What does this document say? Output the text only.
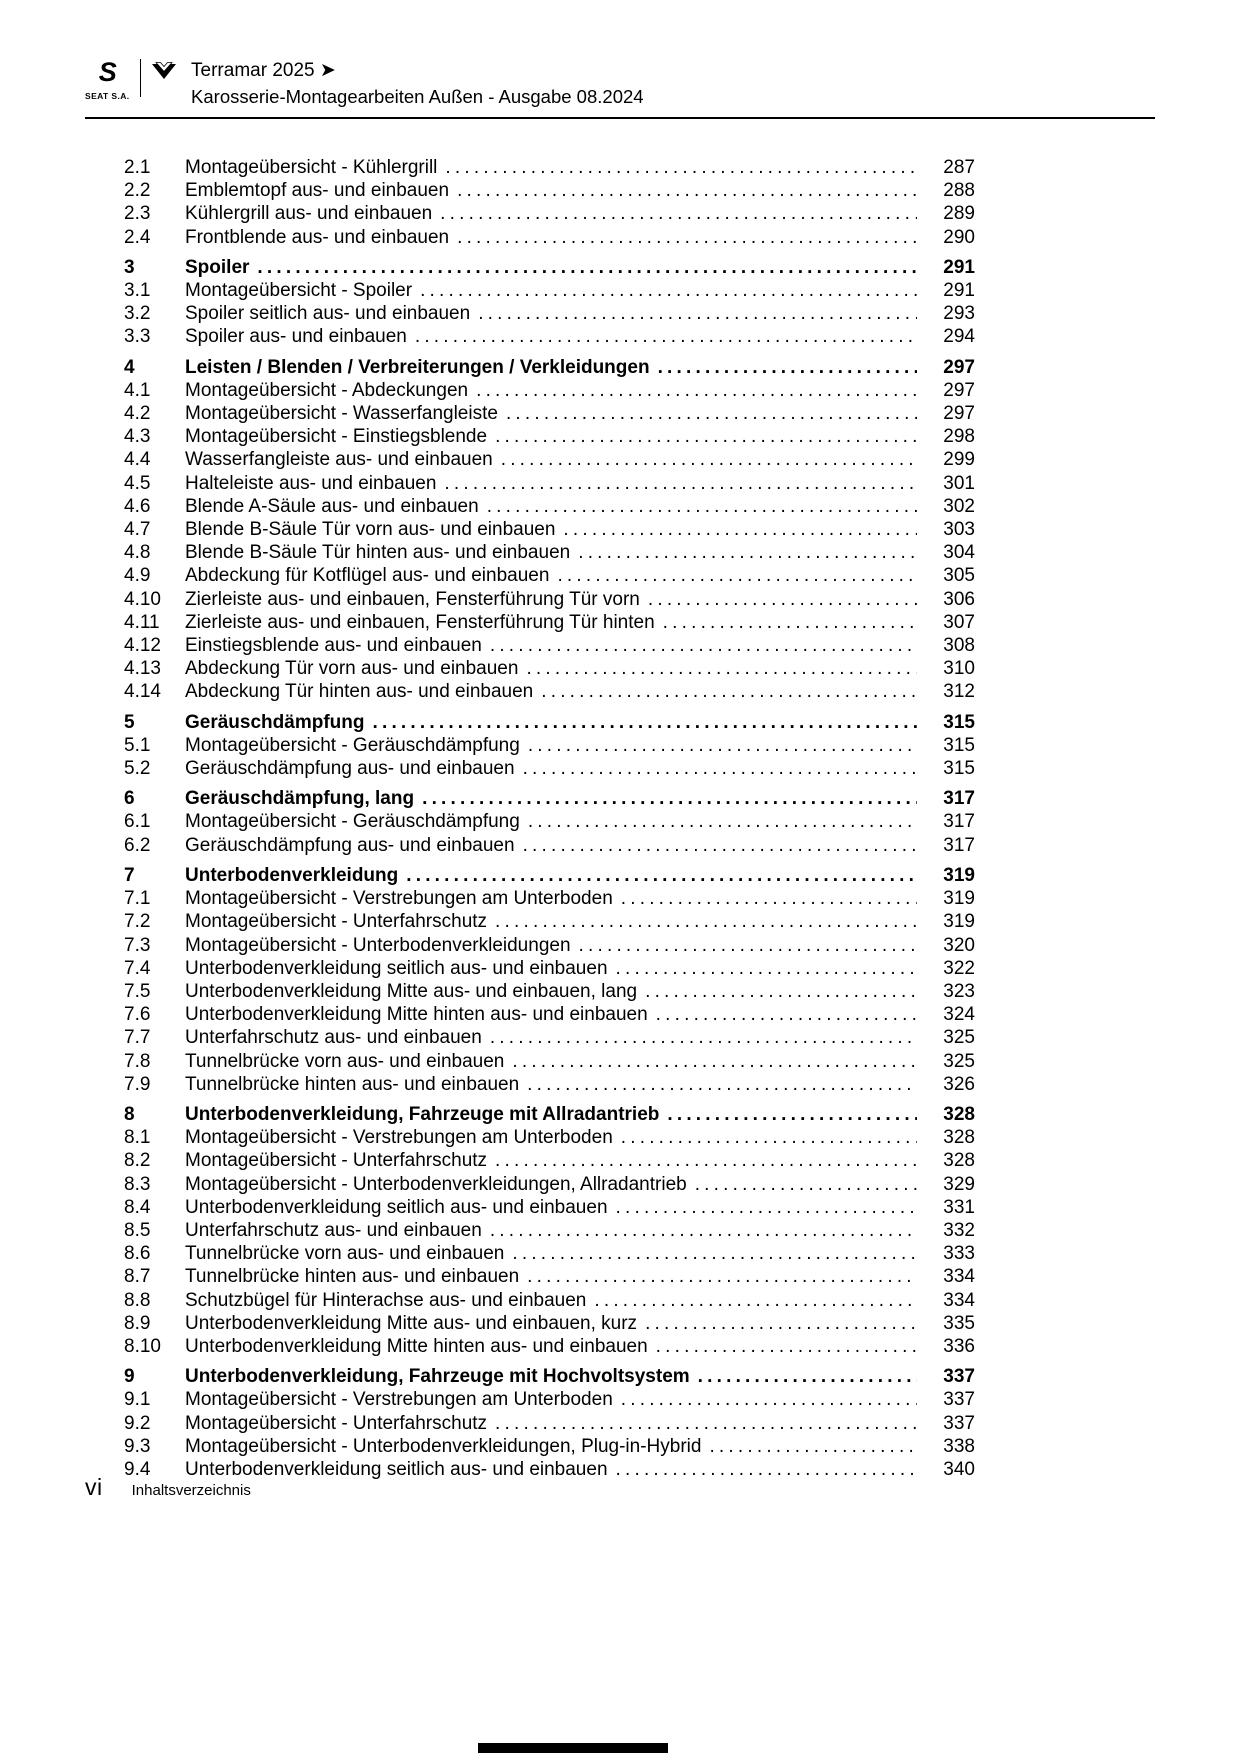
S
SEAT S.A.
Terramar 2025 ➤
Karosserie-Montagearbeiten Außen - Ausgabe 08.2024
2.1	Montageübersicht - Kühlergrill .....	287
2.2	Emblemtopf aus- und einbauen .....	288
2.3	Kühlergrill aus- und einbauen .....	289
2.4	Frontblende aus- und einbauen .....	290
3	Spoiler .....	291
3.1	Montageübersicht - Spoiler .....	291
3.2	Spoiler seitlich aus- und einbauen .....	293
3.3	Spoiler aus- und einbauen .....	294
4	Leisten / Blenden / Verbreiterungen / Verkleidungen .....	297
4.1	Montageübersicht - Abdeckungen .....	297
4.2	Montageübersicht - Wasserfangleiste .....	297
4.3	Montageübersicht - Einstiegsblende .....	298
4.4	Wasserfangleiste aus- und einbauen .....	299
4.5	Halteleiste aus- und einbauen .....	301
4.6	Blende A-Säule aus- und einbauen .....	302
4.7	Blende B-Säule Tür vorn aus- und einbauen .....	303
4.8	Blende B-Säule Tür hinten aus- und einbauen .....	304
4.9	Abdeckung für Kotflügel aus- und einbauen .....	305
4.10	Zierleiste aus- und einbauen, Fensterführung Tür vorn .....	306
4.11	Zierleiste aus- und einbauen, Fensterführung Tür hinten .....	307
4.12	Einstiegsblende aus- und einbauen .....	308
4.13	Abdeckung Tür vorn aus- und einbauen .....	310
4.14	Abdeckung Tür hinten aus- und einbauen .....	312
5	Geräuschdämpfung .....	315
5.1	Montageübersicht - Geräuschdämpfung .....	315
5.2	Geräuschdämpfung aus- und einbauen .....	315
6	Geräuschdämpfung, lang .....	317
6.1	Montageübersicht - Geräuschdämpfung .....	317
6.2	Geräuschdämpfung aus- und einbauen .....	317
7	Unterbodenverkleidung .....	319
7.1	Montageübersicht - Verstrebungen am Unterboden .....	319
7.2	Montageübersicht - Unterfahrschutz .....	319
7.3	Montageübersicht - Unterbodenverkleidungen .....	320
7.4	Unterbodenverkleidung seitlich aus- und einbauen .....	322
7.5	Unterbodenverkleidung Mitte aus- und einbauen, lang .....	323
7.6	Unterbodenverkleidung Mitte hinten aus- und einbauen .....	324
7.7	Unterfahrschutz aus- und einbauen .....	325
7.8	Tunnelbrücke vorn aus- und einbauen .....	325
7.9	Tunnelbrücke hinten aus- und einbauen .....	326
8	Unterbodenverkleidung, Fahrzeuge mit Allradantrieb .....	328
8.1	Montageübersicht - Verstrebungen am Unterboden .....	328
8.2	Montageübersicht - Unterfahrschutz .....	328
8.3	Montageübersicht - Unterbodenverkleidungen, Allradantrieb .....	329
8.4	Unterbodenverkleidung seitlich aus- und einbauen .....	331
8.5	Unterfahrschutz aus- und einbauen .....	332
8.6	Tunnelbrücke vorn aus- und einbauen .....	333
8.7	Tunnelbrücke hinten aus- und einbauen .....	334
8.8	Schutzbügel für Hinterachse aus- und einbauen .....	334
8.9	Unterbodenverkleidung Mitte aus- und einbauen, kurz .....	335
8.10	Unterbodenverkleidung Mitte hinten aus- und einbauen .....	336
9	Unterbodenverkleidung, Fahrzeuge mit Hochvoltsystem .....	337
9.1	Montageübersicht - Verstrebungen am Unterboden .....	337
9.2	Montageübersicht - Unterfahrschutz .....	337
9.3	Montageübersicht - Unterbodenverkleidungen, Plug-in-Hybrid .....	338
9.4	Unterbodenverkleidung seitlich aus- und einbauen .....	340
vi Inhaltsverzeichnis
